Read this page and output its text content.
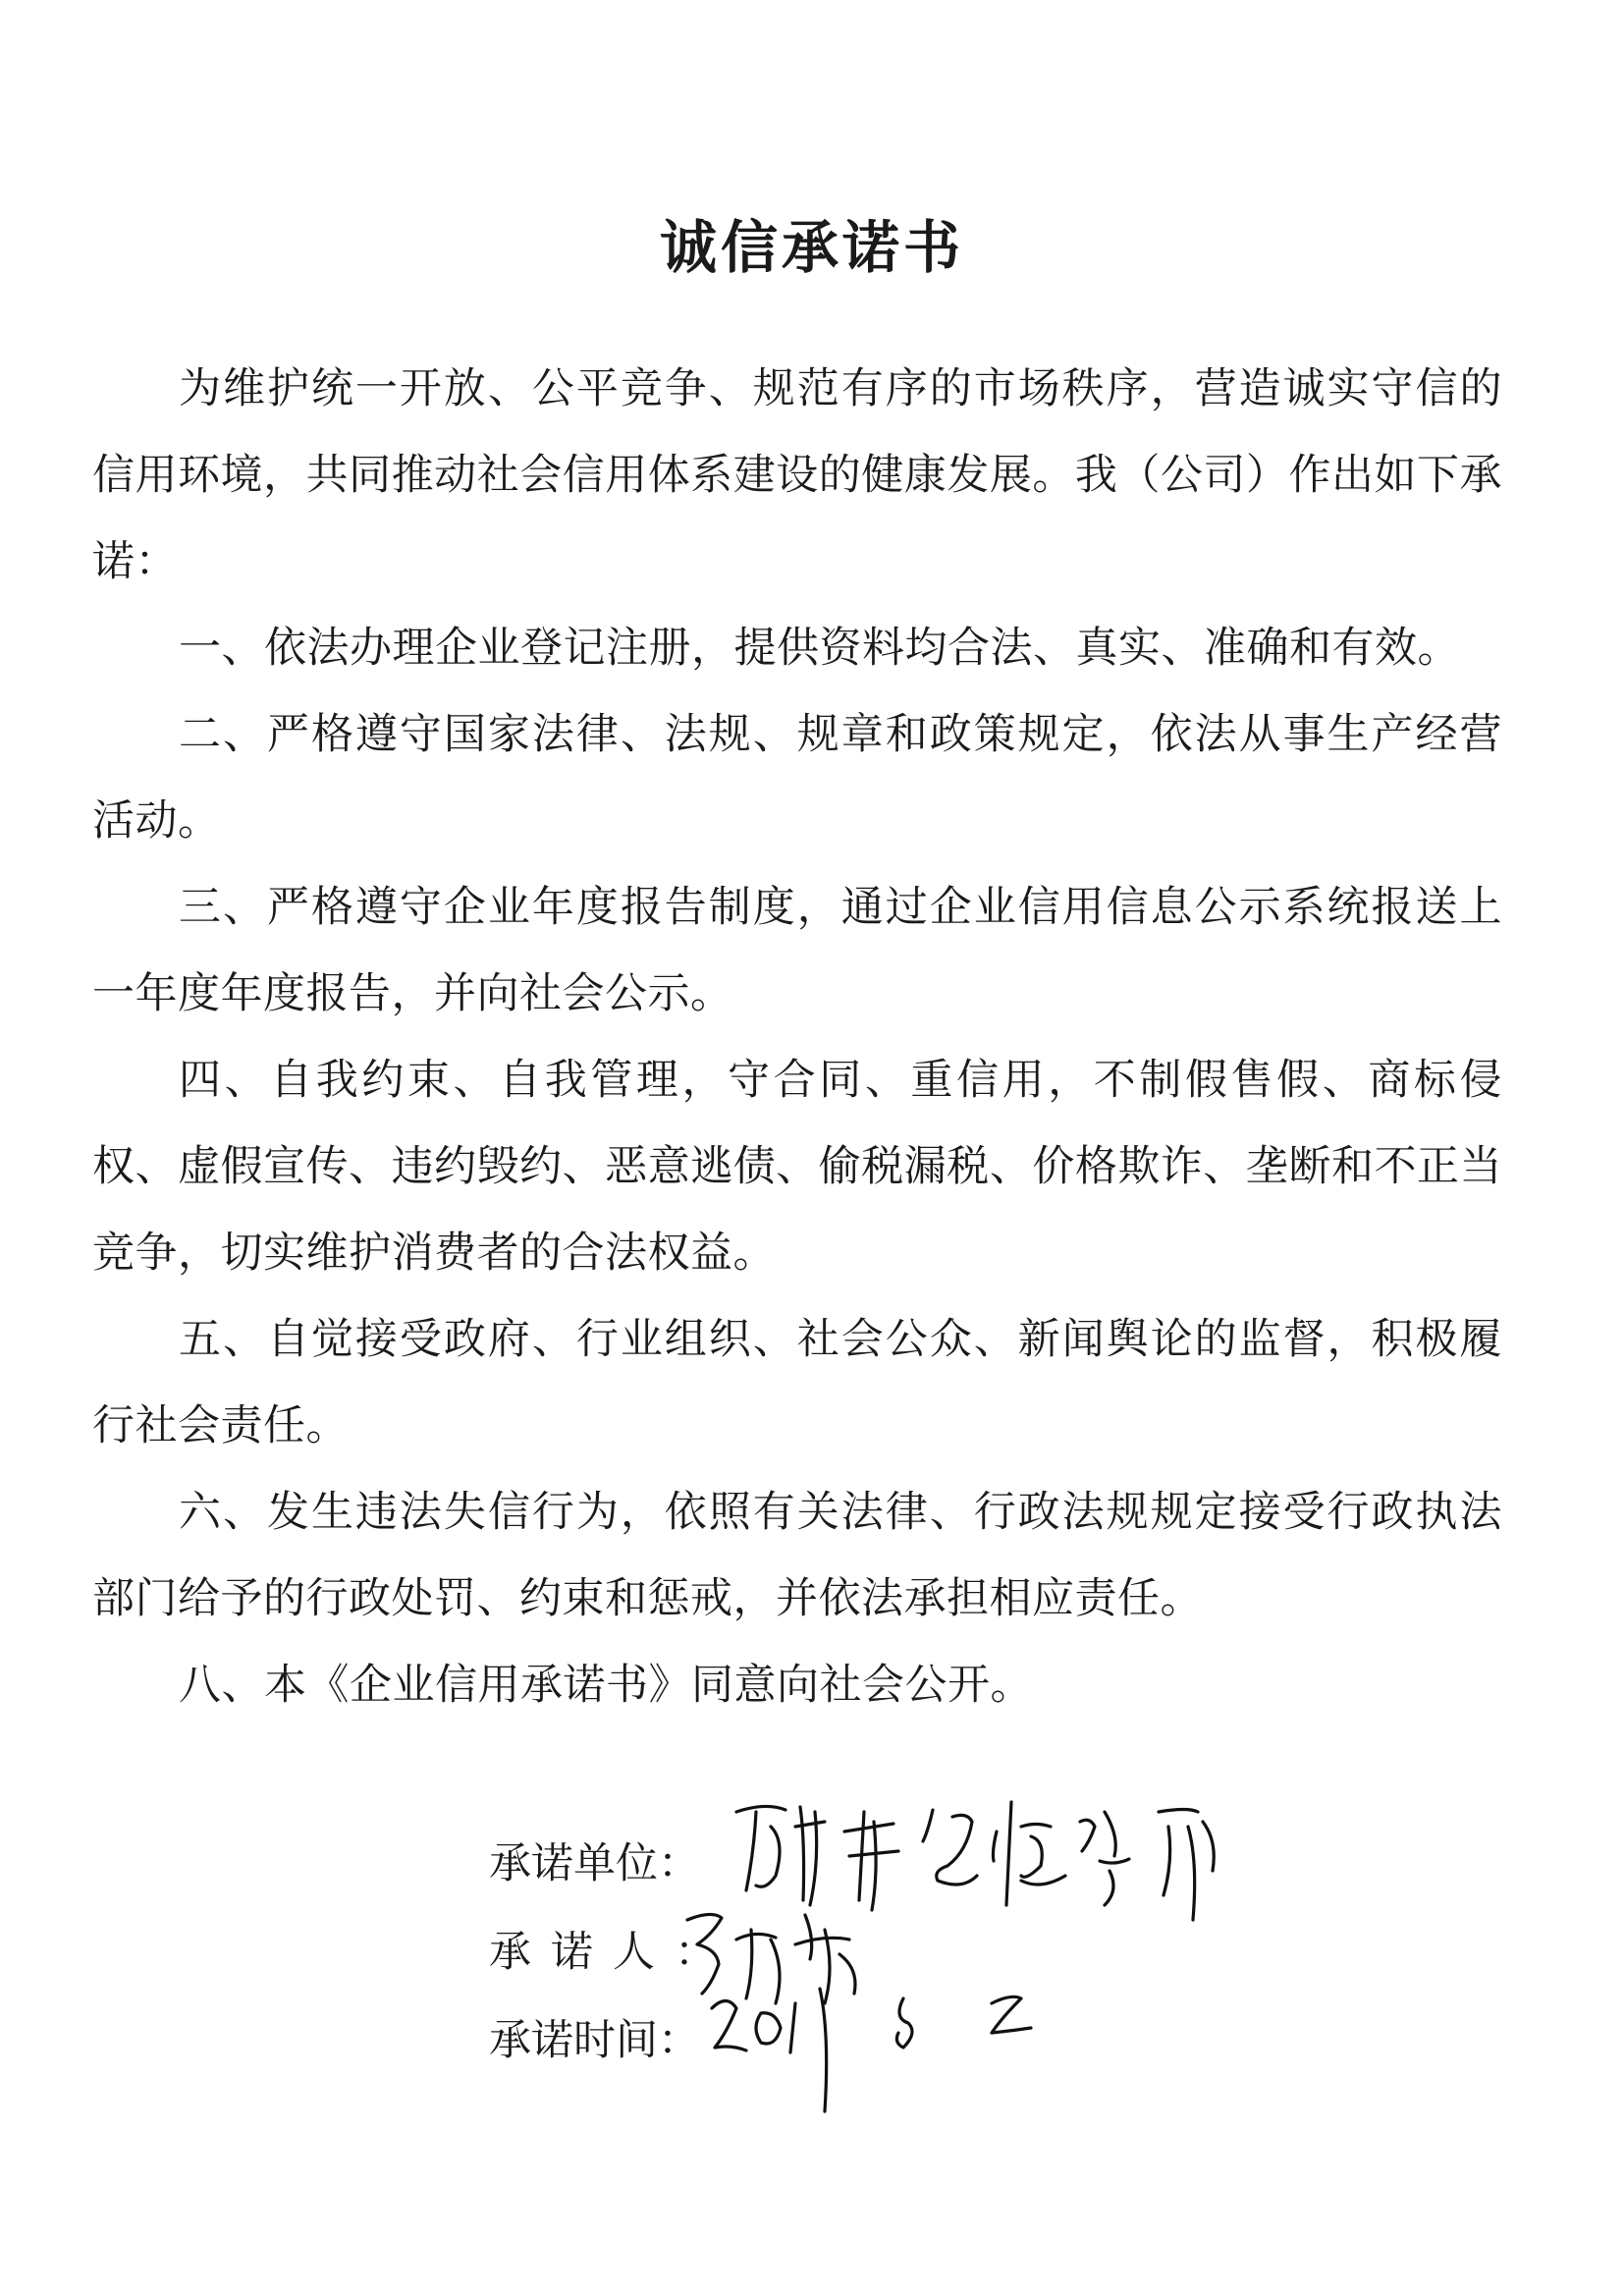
诚信承诺书

为维护统一开放、公平竞争、规范有序的市场秩序，营造诚实守信的信用环境，共同推动社会信用体系建设的健康发展。我（公司）作出如下承诺：

一、依法办理企业登记注册，提供资料均合法、真实、准确和有效。

二、严格遵守国家法律、法规、规章和政策规定，依法从事生产经营活动。

三、严格遵守企业年度报告制度，通过企业信用信息公示系统报送上一年度年度报告，并向社会公示。

四、自我约束、自我管理，守合同、重信用，不制假售假、商标侵权、虚假宣传、违约毁约、恶意逃债、偷税漏税、价格欺诈、垄断和不正当竞争，切实维护消费者的合法权益。

五、自觉接受政府、行业组织、社会公众、新闻舆论的监督，积极履行社会责任。

六、发生违法失信行为，依照有关法律、行政法规规定接受行政执法部门给予的行政处罚、约束和惩戒，并依法承担相应责任。

八、本《企业信用承诺书》同意向社会公开。

承诺单位：
承诺人：
承诺时间：
